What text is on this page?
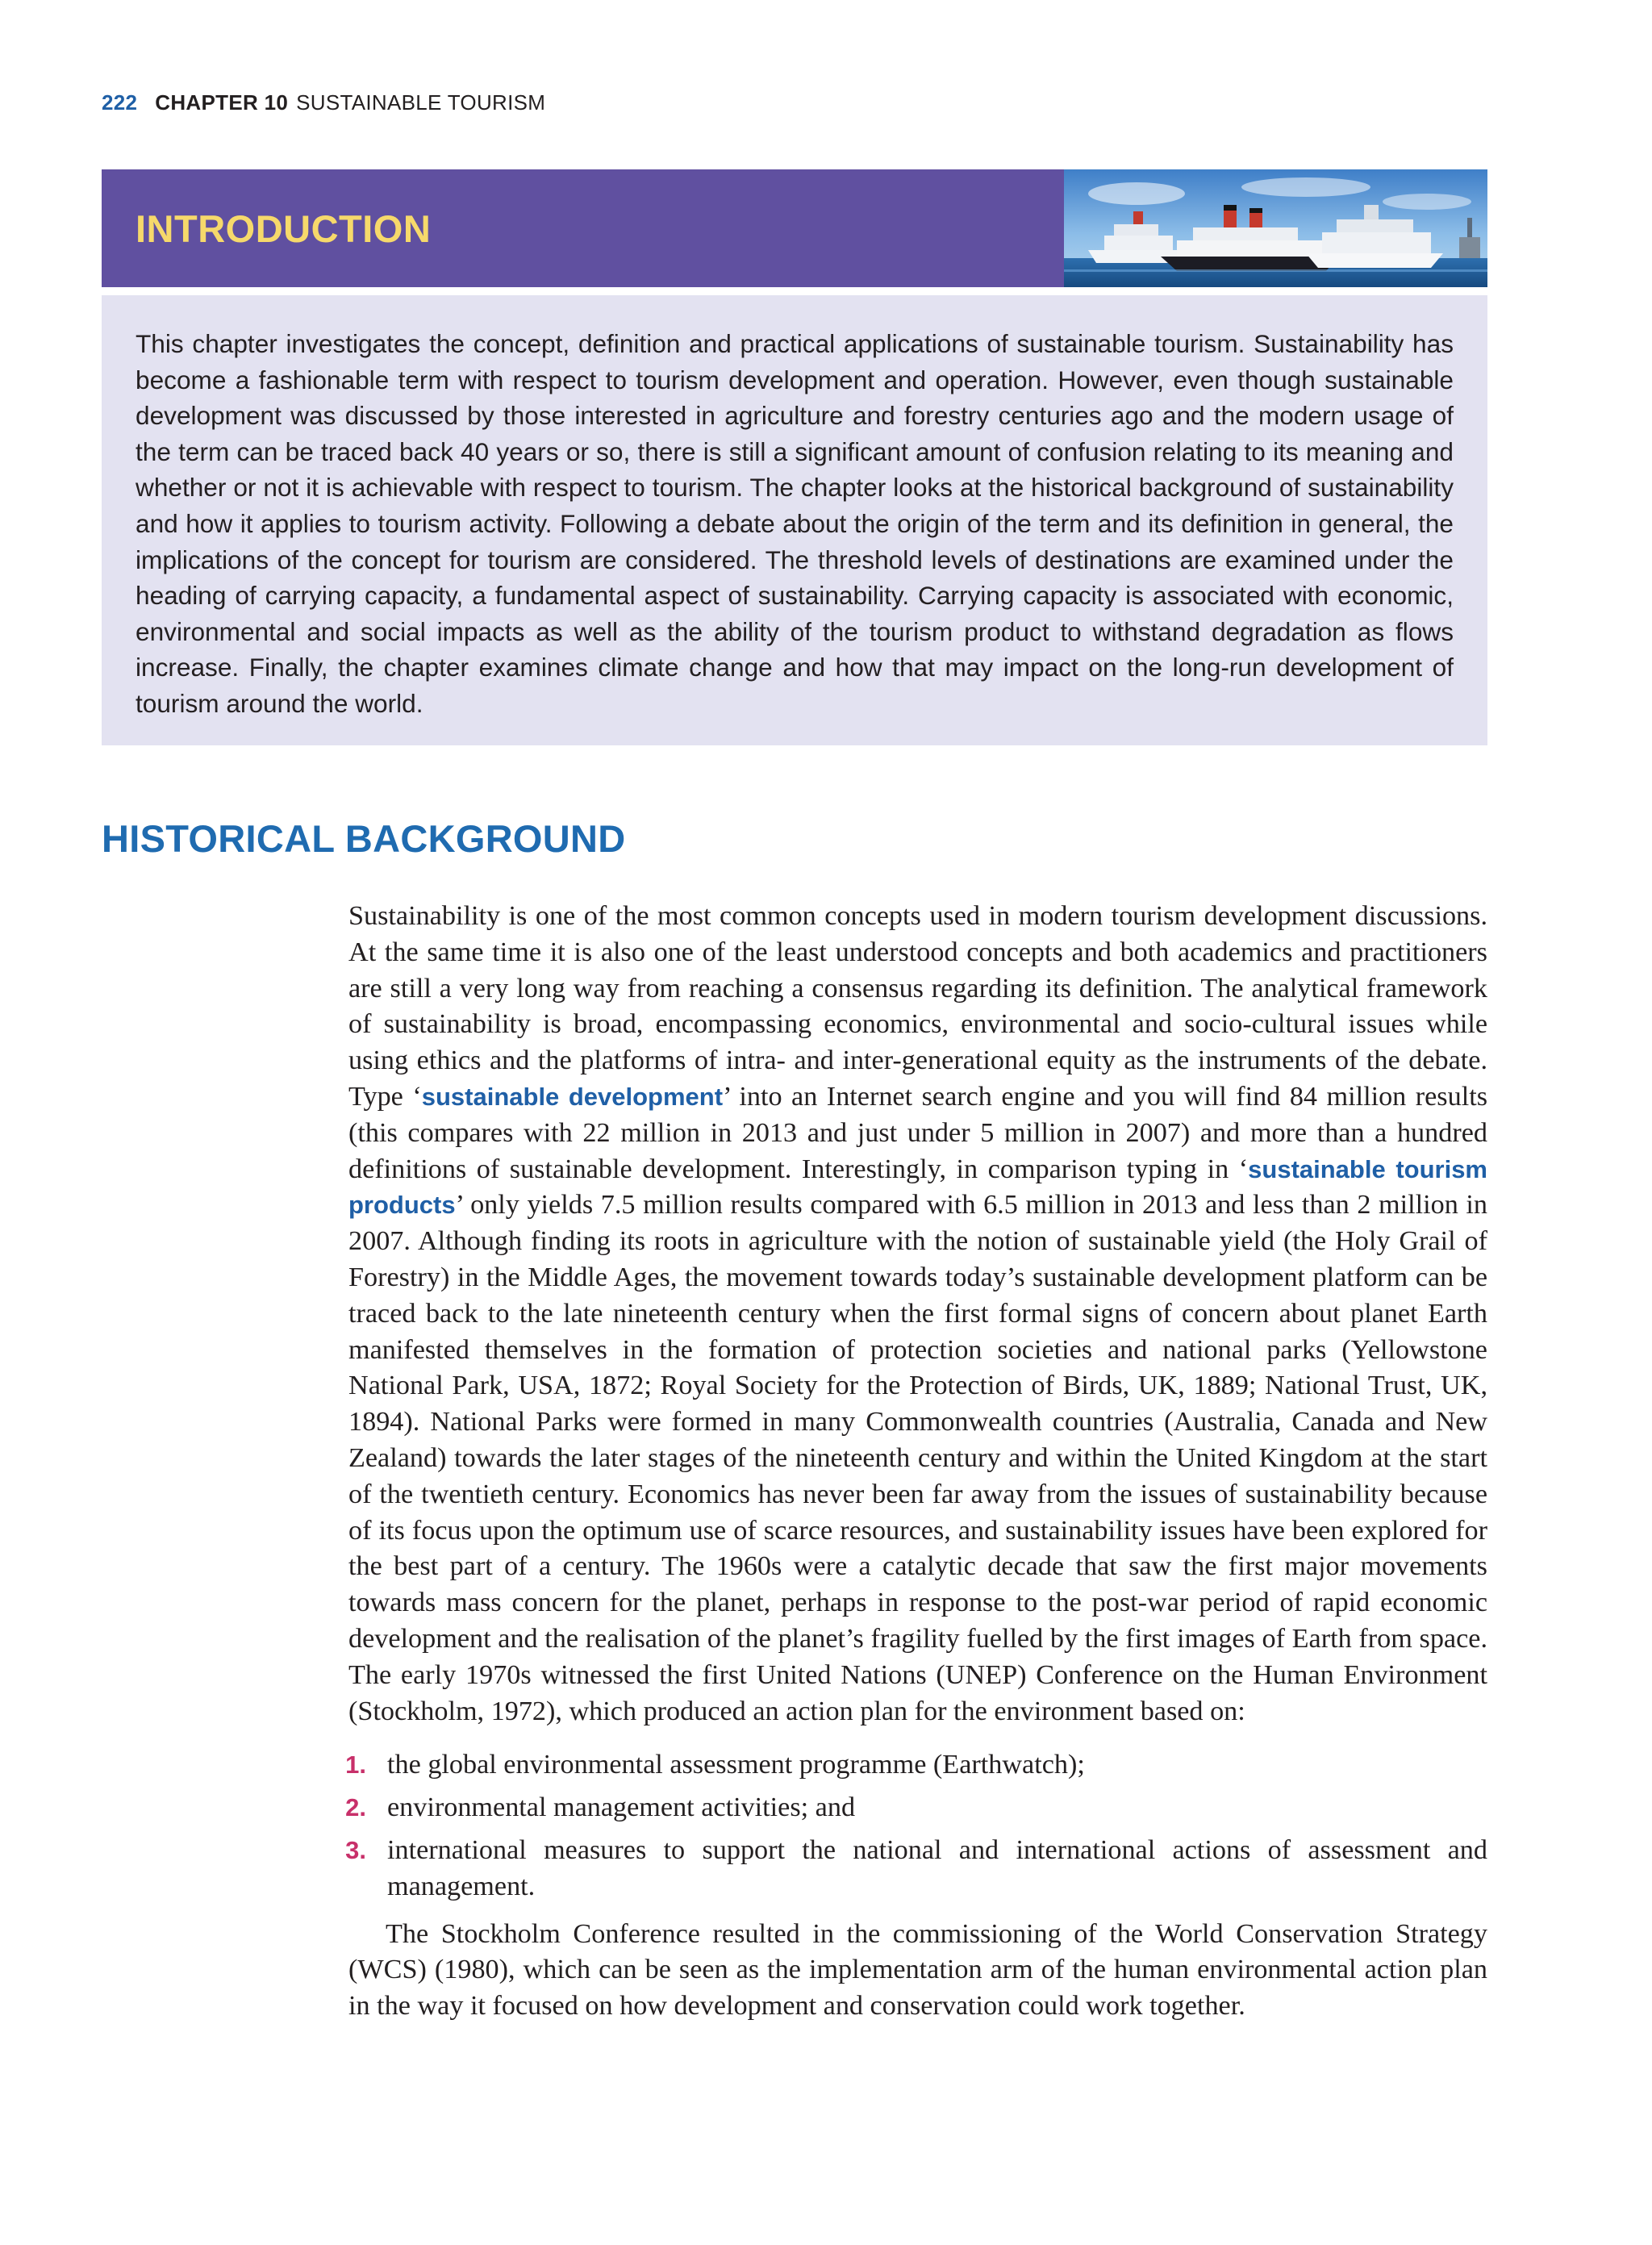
222 CHAPTER 10 SUSTAINABLE TOURISM
INTRODUCTION

This chapter investigates the concept, definition and practical applications of sustainable tourism. Sustainability has become a fashionable term with respect to tourism development and operation. However, even though sustainable development was discussed by those interested in agriculture and forestry centuries ago and the modern usage of the term can be traced back 40 years or so, there is still a significant amount of confusion relating to its meaning and whether or not it is achievable with respect to tourism. The chapter looks at the historical background of sustainability and how it applies to tourism activity. Following a debate about the origin of the term and its definition in general, the implications of the concept for tourism are considered. The threshold levels of destinations are examined under the heading of carrying capacity, a fundamental aspect of sustainability. Carrying capacity is associated with economic, environmental and social impacts as well as the ability of the tourism product to withstand degradation as flows increase. Finally, the chapter examines climate change and how that may impact on the long-run development of tourism around the world.

HISTORICAL BACKGROUND

Sustainability is one of the most common concepts used in modern tourism development discussions. At the same time it is also one of the least understood concepts and both academics and practitioners are still a very long way from reaching a consensus regarding its definition. The analytical framework of sustainability is broad, encompassing economics, environmental and socio-cultural issues while using ethics and the platforms of intra- and inter-generational equity as the instruments of the debate. Type ‘sustainable development’ into an Internet search engine and you will find 84 million results (this compares with 22 million in 2013 and just under 5 million in 2007) and more than a hundred definitions of sustainable development. Interestingly, in comparison typing in ‘sustainable tourism products’ only yields 7.5 million results compared with 6.5 million in 2013 and less than 2 million in 2007. Although finding its roots in agriculture with the notion of sustainable yield (the Holy Grail of Forestry) in the Middle Ages, the movement towards today’s sustainable development platform can be traced back to the late nineteenth century when the first formal signs of concern about planet Earth manifested themselves in the formation of protection societies and national parks (Yellowstone National Park, USA, 1872; Royal Society for the Protection of Birds, UK, 1889; National Trust, UK, 1894). National Parks were formed in many Commonwealth countries (Australia, Canada and New Zealand) towards the later stages of the nineteenth century and within the United Kingdom at the start of the twentieth century. Economics has never been far away from the issues of sustainability because of its focus upon the optimum use of scarce resources, and sustainability issues have been explored for the best part of a century. The 1960s were a catalytic decade that saw the first major movements towards mass concern for the planet, perhaps in response to the post-war period of rapid economic development and the realisation of the planet’s fragility fuelled by the first images of Earth from space. The early 1970s witnessed the first United Nations (UNEP) Conference on the Human Environment (Stockholm, 1972), which produced an action plan for the environment based on:

1. the global environmental assessment programme (Earthwatch);
2. environmental management activities; and
3. international measures to support the national and international actions of assessment and management.

The Stockholm Conference resulted in the commissioning of the World Conservation Strategy (WCS) (1980), which can be seen as the implementation arm of the human environmental action plan in the way it focused on how development and conservation could work together.
